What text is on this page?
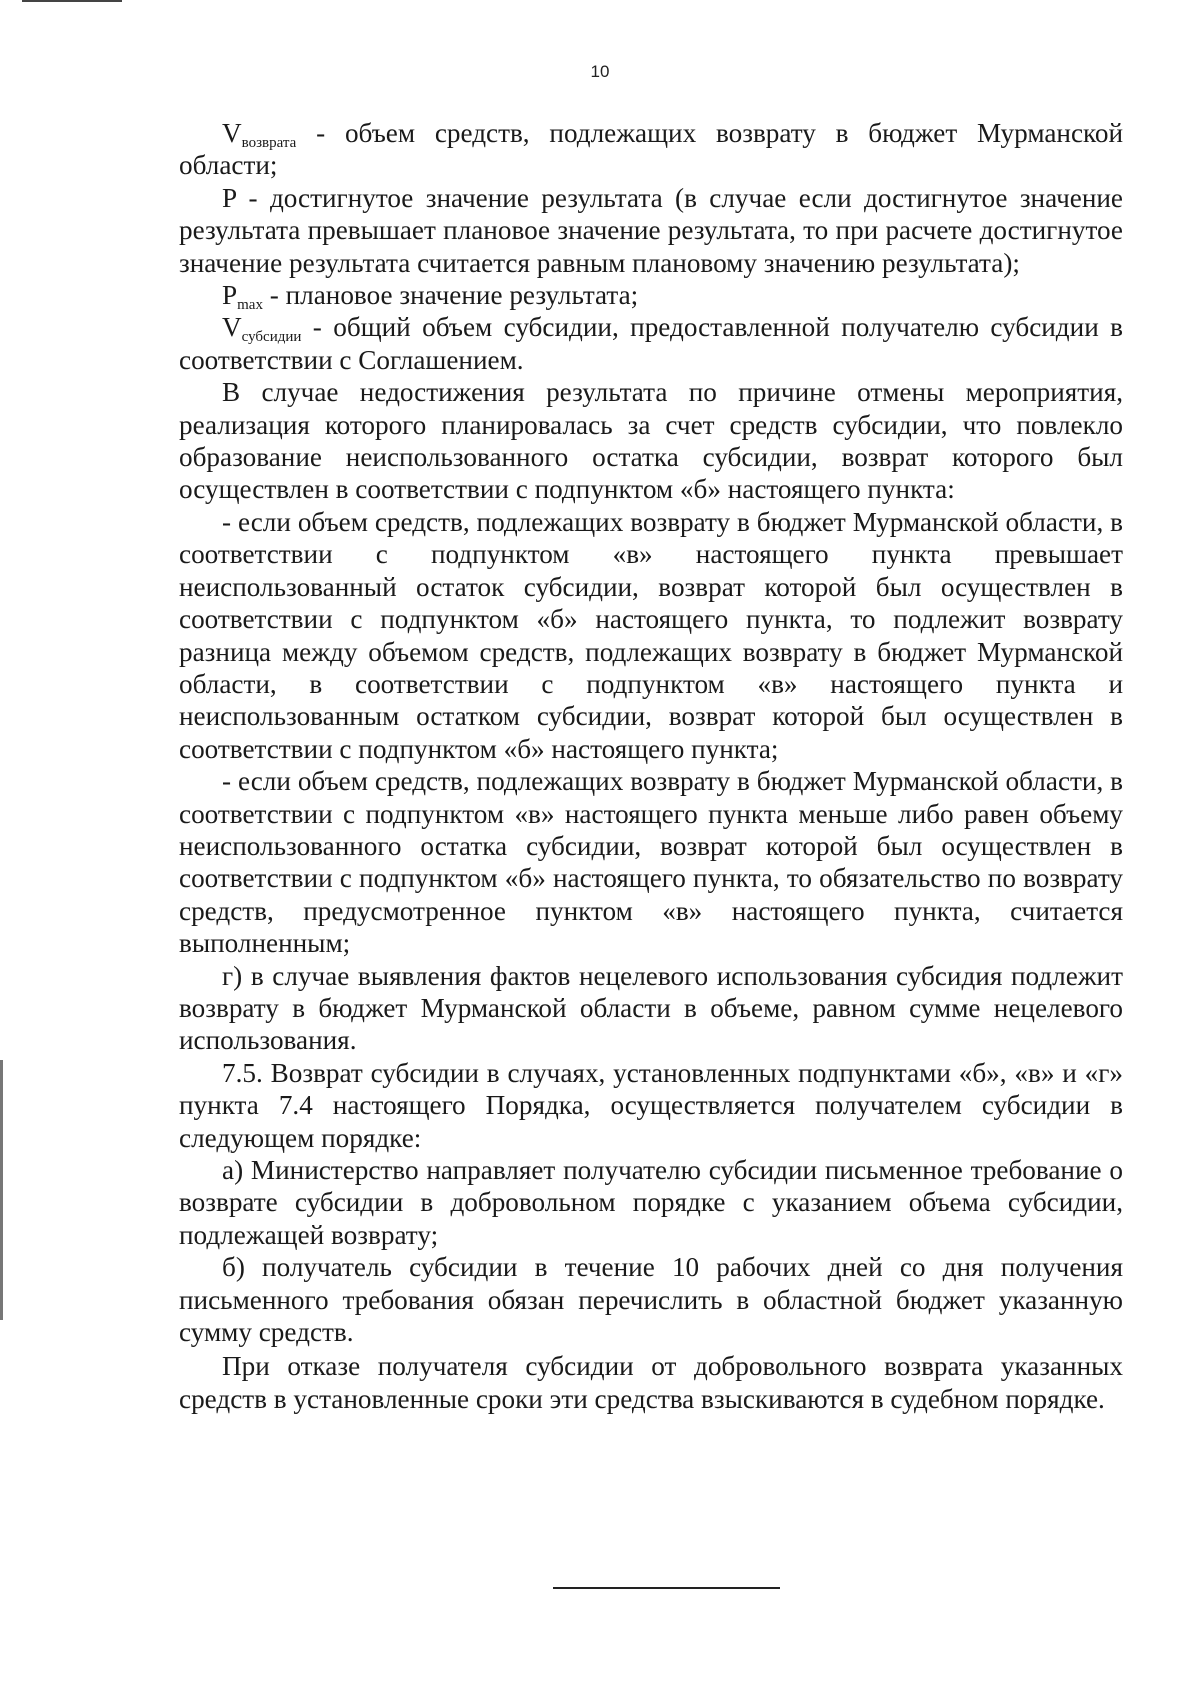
10

Vвозврата - объем средств, подлежащих возврату в бюджет Мурманской области;

P - достигнутое значение результата (в случае если достигнутое значение результата превышает плановое значение результата, то при расчете достигнутое значение результата считается равным плановому значению результата);

Pmax - плановое значение результата;

Vсубсидии - общий объем субсидии, предоставленной получателю субсидии в соответствии с Соглашением.

В случае недостижения результата по причине отмены мероприятия, реализация которого планировалась за счет средств субсидии, что повлекло образование неиспользованного остатка субсидии, возврат которого был осуществлен в соответствии с подпунктом «б» настоящего пункта:

- если объем средств, подлежащих возврату в бюджет Мурманской области, в соответствии с подпунктом «в» настоящего пункта превышает неиспользованный остаток субсидии, возврат которой был осуществлен в соответствии с подпунктом «б» настоящего пункта, то подлежит возврату разница между объемом средств, подлежащих возврату в бюджет Мурманской области, в соответствии с подпунктом «в» настоящего пункта и неиспользованным остатком субсидии, возврат которой был осуществлен в соответствии с подпунктом «б» настоящего пункта;

- если объем средств, подлежащих возврату в бюджет Мурманской области, в соответствии с подпунктом «в» настоящего пункта меньше либо равен объему неиспользованного остатка субсидии, возврат которой был осуществлен в соответствии с подпунктом «б» настоящего пункта, то обязательство по возврату средств, предусмотренное пунктом «в» настоящего пункта, считается выполненным;

г) в случае выявления фактов нецелевого использования субсидия подлежит возврату в бюджет Мурманской области в объеме, равном сумме нецелевого использования.

7.5. Возврат субсидии в случаях, установленных подпунктами «б», «в» и «г» пункта 7.4 настоящего Порядка, осуществляется получателем субсидии в следующем порядке:

а) Министерство направляет получателю субсидии письменное требование о возврате субсидии в добровольном порядке с указанием объема субсидии, подлежащей возврату;

б) получатель субсидии в течение 10 рабочих дней со дня получения письменного требования обязан перечислить в областной бюджет указанную сумму средств.

При отказе получателя субсидии от добровольного возврата указанных средств в установленные сроки эти средства взыскиваются в судебном порядке.
